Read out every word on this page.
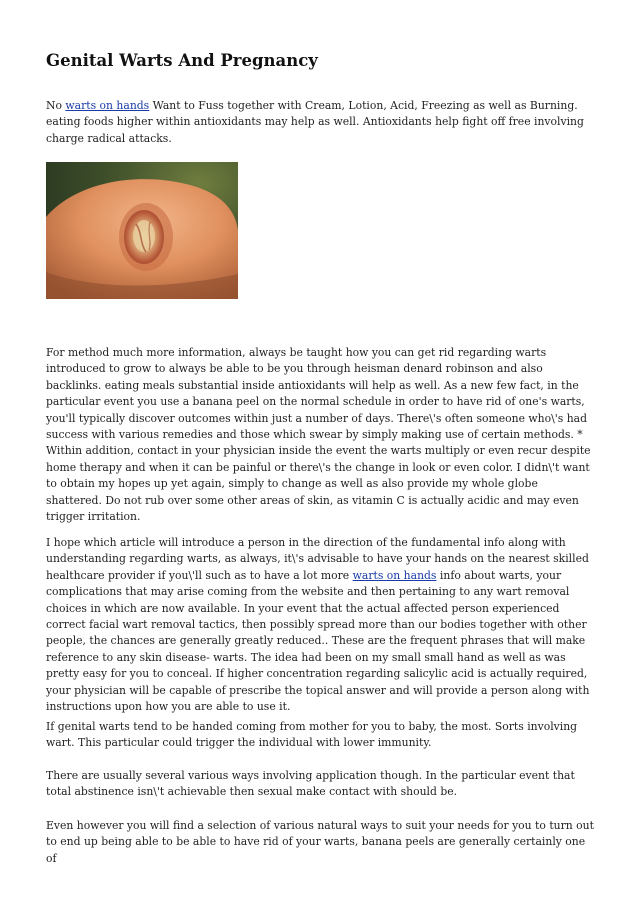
Genital Warts And Pregnancy

No warts on hands Want to Fuss together with Cream, Lotion, Acid, Freezing as well as Burning. eating foods higher within antioxidants may help as well. Antioxidants help fight off free involving charge radical attacks.

For method much more information, always be taught how you can get rid regarding warts introduced to grow to always be able to be you through heisman denard robinson and also backlinks. eating meals substantial inside antioxidants will help as well. As a new few fact, in the particular event you use a banana peel on the normal schedule in order to have rid of one's warts, you'll typically discover outcomes within just a number of days. There\'s often someone who\'s had success with various remedies and those which swear by simply making use of certain methods. * Within addition, contact in your physician inside the event the warts multiply or even recur despite home therapy and when it can be painful or there\'s the change in look or even color. I didn\'t want to obtain my hopes up yet again, simply to change as well as also provide my whole globe shattered. Do not rub over some other areas of skin, as vitamin C is actually acidic and may even trigger irritation.

I hope which article will introduce a person in the direction of the fundamental info along with understanding regarding warts, as always, it\'s advisable to have your hands on the nearest skilled healthcare provider if you\'ll such as to have a lot more warts on hands info about warts, your complications that may arise coming from the website and then pertaining to any wart removal choices in which are now available. In your event that the actual affected person experienced correct facial wart removal tactics, then possibly spread more than our bodies together with other people, the chances are generally greatly reduced.. These are the frequent phrases that will make reference to any skin disease- warts. The idea had been on my small small hand as well as was pretty easy for you to conceal. If higher concentration regarding salicylic acid is actually required, your physician will be capable of prescribe the topical answer and will provide a person along with instructions upon how you are able to use it.

If genital warts tend to be handed coming from mother for you to baby, the most. Sorts involving wart. This particular could trigger the individual with lower immunity.

There are usually several various ways involving application though. In the particular event that total abstinence isn\'t achievable then sexual make contact with should be.

Even however you will find a selection of various natural ways to suit your needs for you to turn out to end up being able to be able to have rid of your warts, banana peels are generally certainly one of
